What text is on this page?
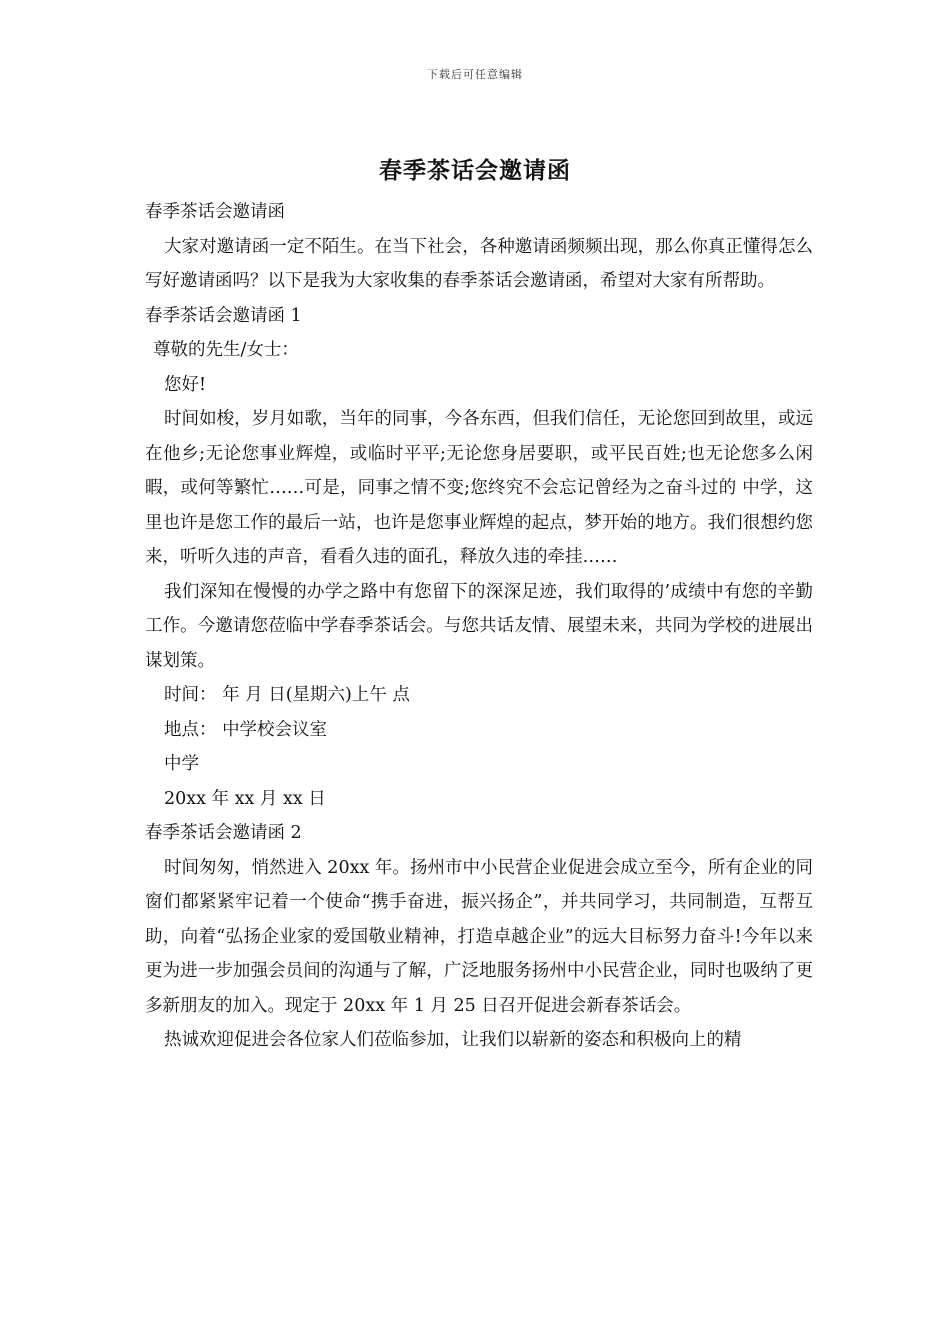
下载后可任意编辑
春季茶话会邀请函

春季茶话会邀请函

大家对邀请函一定不陌生。在当下社会，各种邀请函频频出现，那么你真正懂得怎么写好邀请函吗？以下是我为大家收集的春季茶话会邀请函，希望对大家有所帮助。

春季茶话会邀请函 1

尊敬的先生/女士：

您好!

时间如梭，岁月如歌，当年的同事，今各东西，但我们信任，无论您回到故里，或远在他乡;无论您事业辉煌，或临时平平;无论您身居要职，或平民百姓;也无论您多么闲暇，或何等繁忙……可是，同事之情不变;您终究不会忘记曾经为之奋斗过的 中学，这里也许是您工作的最后一站，也许是您事业辉煌的起点，梦开始的地方。我们很想约您来，听听久违的声音，看看久违的面孔，释放久违的牵挂……

我们深知在慢慢的办学之路中有您留下的深深足迹，我们取得的’成绩中有您的辛勤工作。今邀请您莅临中学春季茶话会。与您共话友情、展望未来，共同为学校的进展出谋划策。

时间： 年 月 日(星期六)上午 点

地点： 中学校会议室

中学

20xx 年 xx 月 xx 日

春季茶话会邀请函 2

时间匆匆，悄然进入 20xx 年。扬州市中小民营企业促进会成立至今，所有企业的同窗们都紧紧牢记着一个使命“携手奋进，振兴扬企”，并共同学习，共同制造，互帮互助，向着“弘扬企业家的爱国敬业精神，打造卓越企业”的远大目标努力奋斗!今年以来更为进一步加强会员间的沟通与了解，广泛地服务扬州中小民营企业，同时也吸纳了更多新朋友的加入。现定于 20xx 年 1 月 25 日召开促进会新春茶话会。

热诚欢迎促进会各位家人们莅临参加，让我们以崭新的姿态和积极向上的精
